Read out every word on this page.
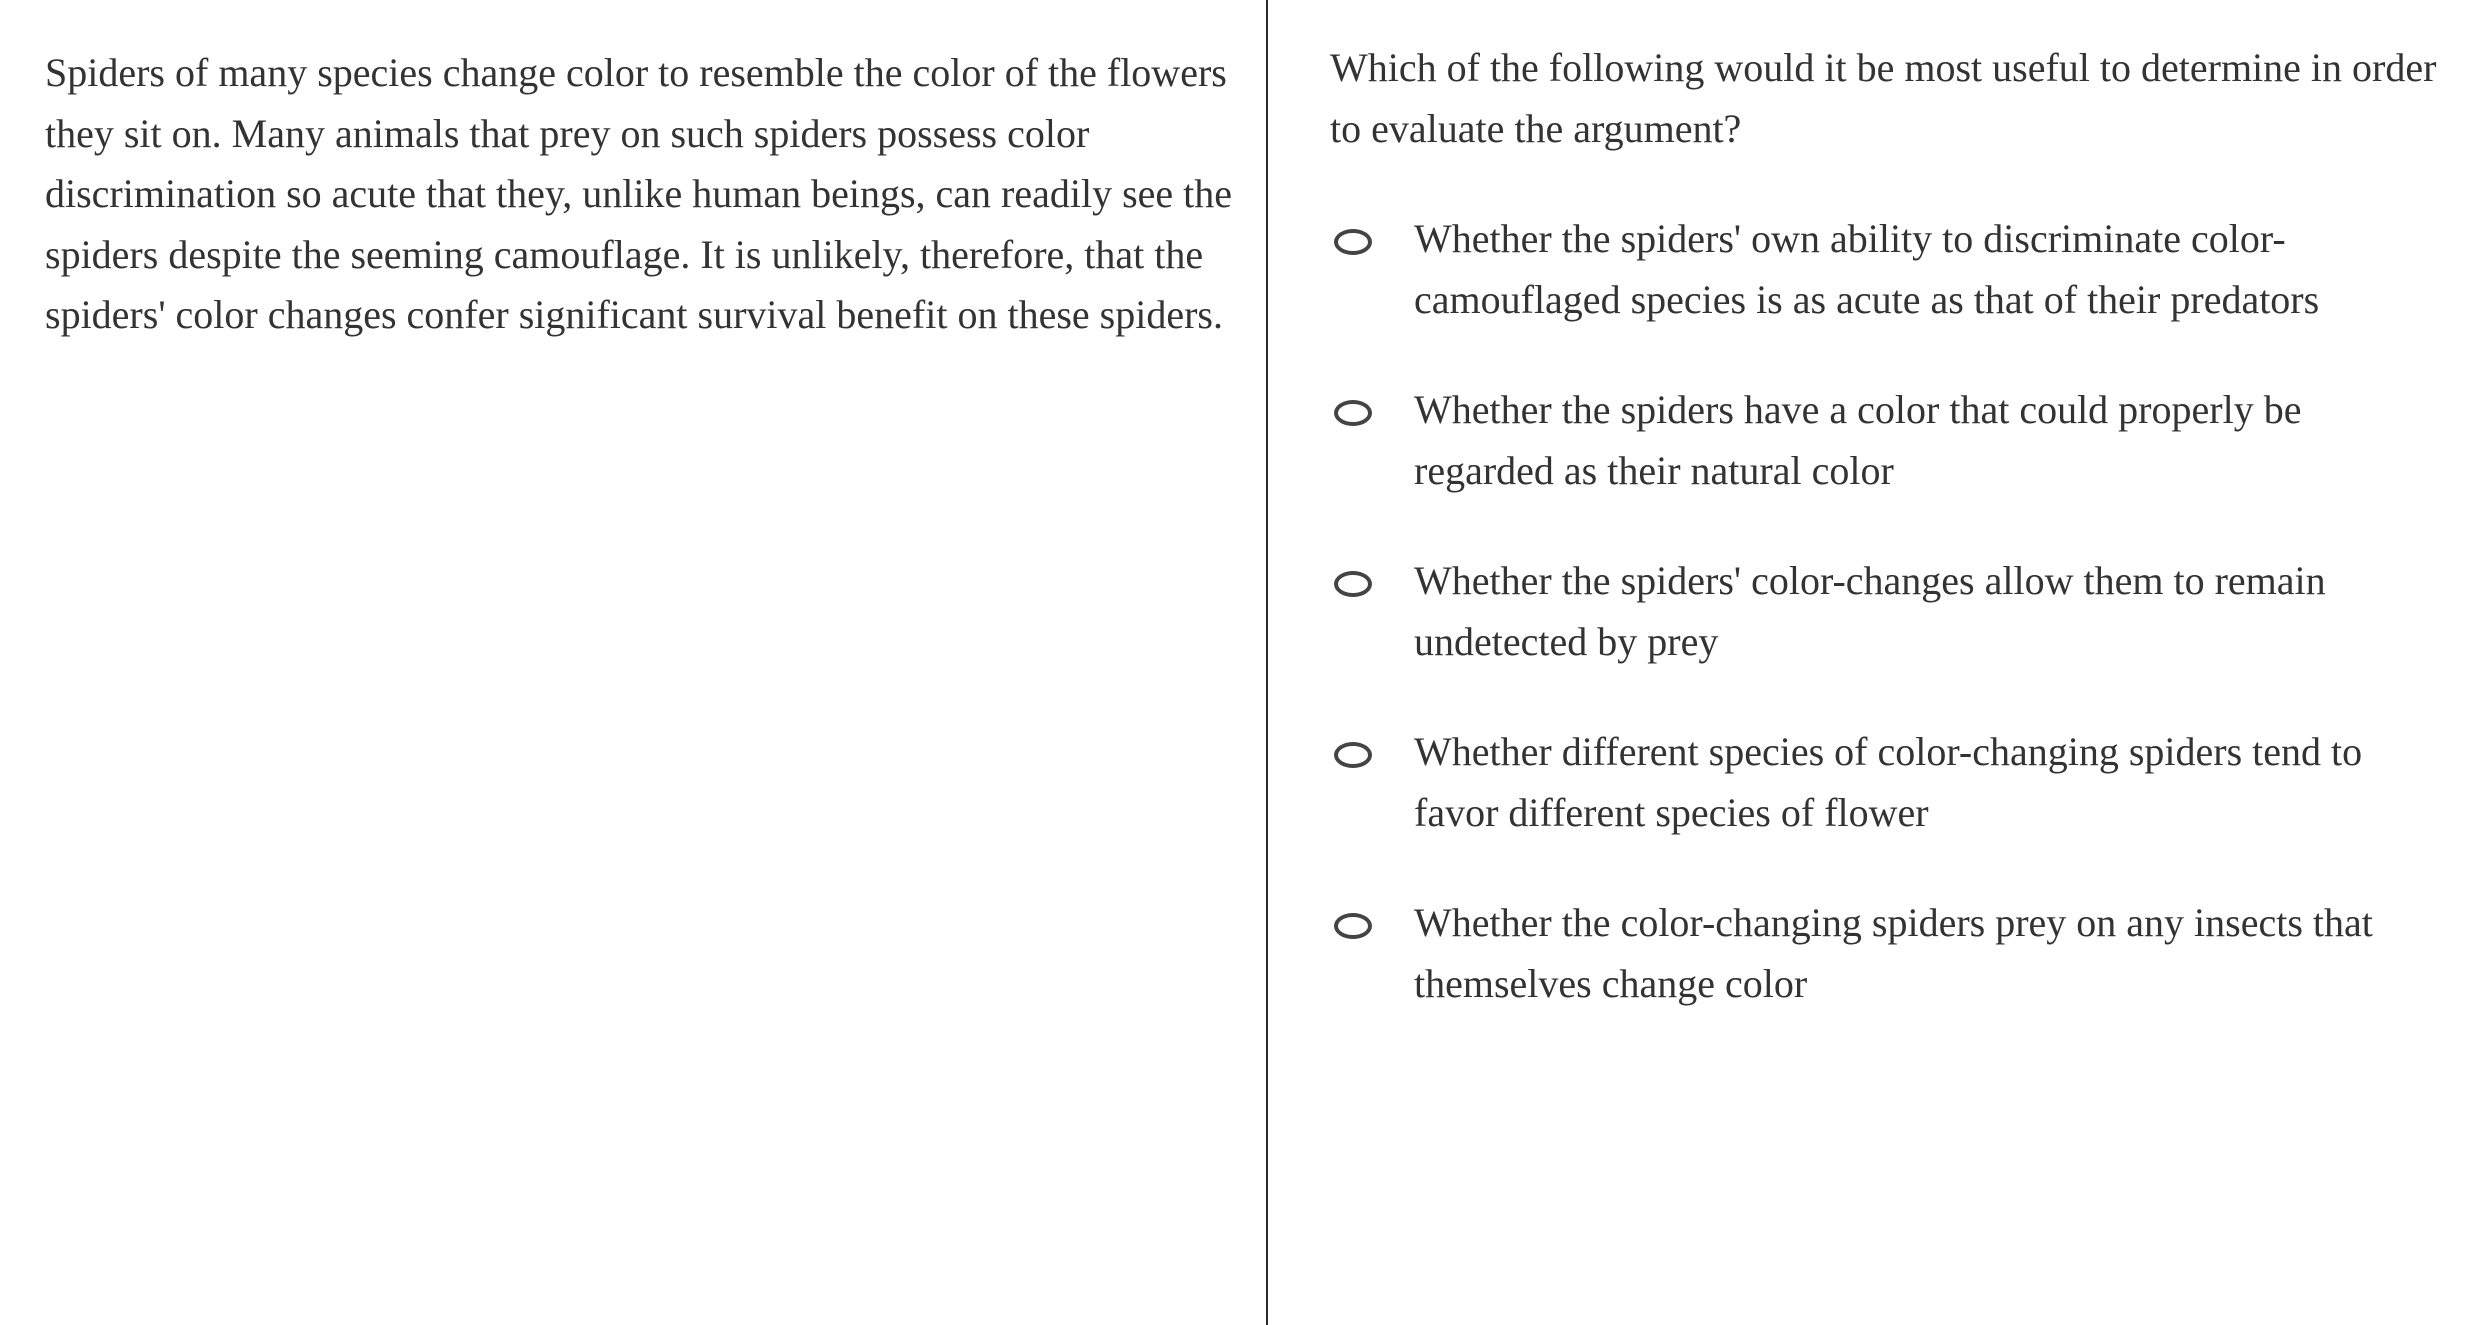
Spiders of many species change color to resemble the color of the flowers they sit on. Many animals that prey on such spiders possess color discrimination so acute that they, unlike human beings, can readily see the spiders despite the seeming camouflage. It is unlikely, therefore, that the spiders' color changes confer significant survival benefit on these spiders.

Which of the following would it be most useful to determine in order to evaluate the argument?

Whether the spiders' own ability to discriminate color-camouflaged species is as acute as that of their predators
Whether the spiders have a color that could properly be regarded as their natural color
Whether the spiders' color-changes allow them to remain undetected by prey
Whether different species of color-changing spiders tend to favor different species of flower
Whether the color-changing spiders prey on any insects that themselves change color
